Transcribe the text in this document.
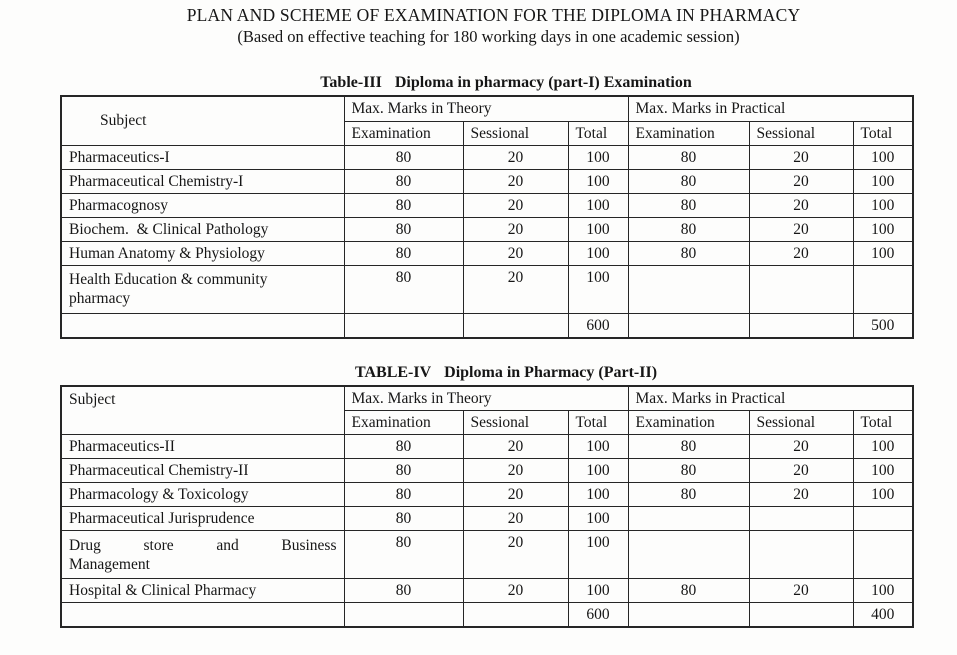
PLAN AND SCHEME OF EXAMINATION FOR THE DIPLOMA IN PHARMACY
(Based on effective teaching for 180 working days in one academic session)
Table-III Diploma in pharmacy (part-I) Examination
Subject	Max. Marks in Theory			Max. Marks in Practical		
	Examination	Sessional	Total	Examination	Sessional	Total
Pharmaceutics-I	80	20	100	80	20	100
Pharmaceutical Chemistry-I	80	20	100	80	20	100
Pharmacognosy	80	20	100	80	20	100
Biochem.  & Clinical Pathology	80	20	100	80	20	100
Human Anatomy & Physiology	80	20	100	80	20	100

Health Education & community
pharmacy	80	20	100			
			600			500
TABLE-IV Diploma in Pharmacy (Part-II)
Subject	Max. Marks in Theory			Max. Marks in Practical		
	Examination	Sessional	Total	Examination	Sessional	Total
Pharmaceutics-II	80	20	100	80	20	100
Pharmaceutical Chemistry-II	80	20	100	80	20	100
Pharmacology & Toxicology	80	20	100	80	20	100
Pharmaceutical Jurisprudence	80	20	100			

Drug store and Business
Management	80	20	100			
Hospital & Clinical Pharmacy	80	20	100	80	20	100
			600			400
